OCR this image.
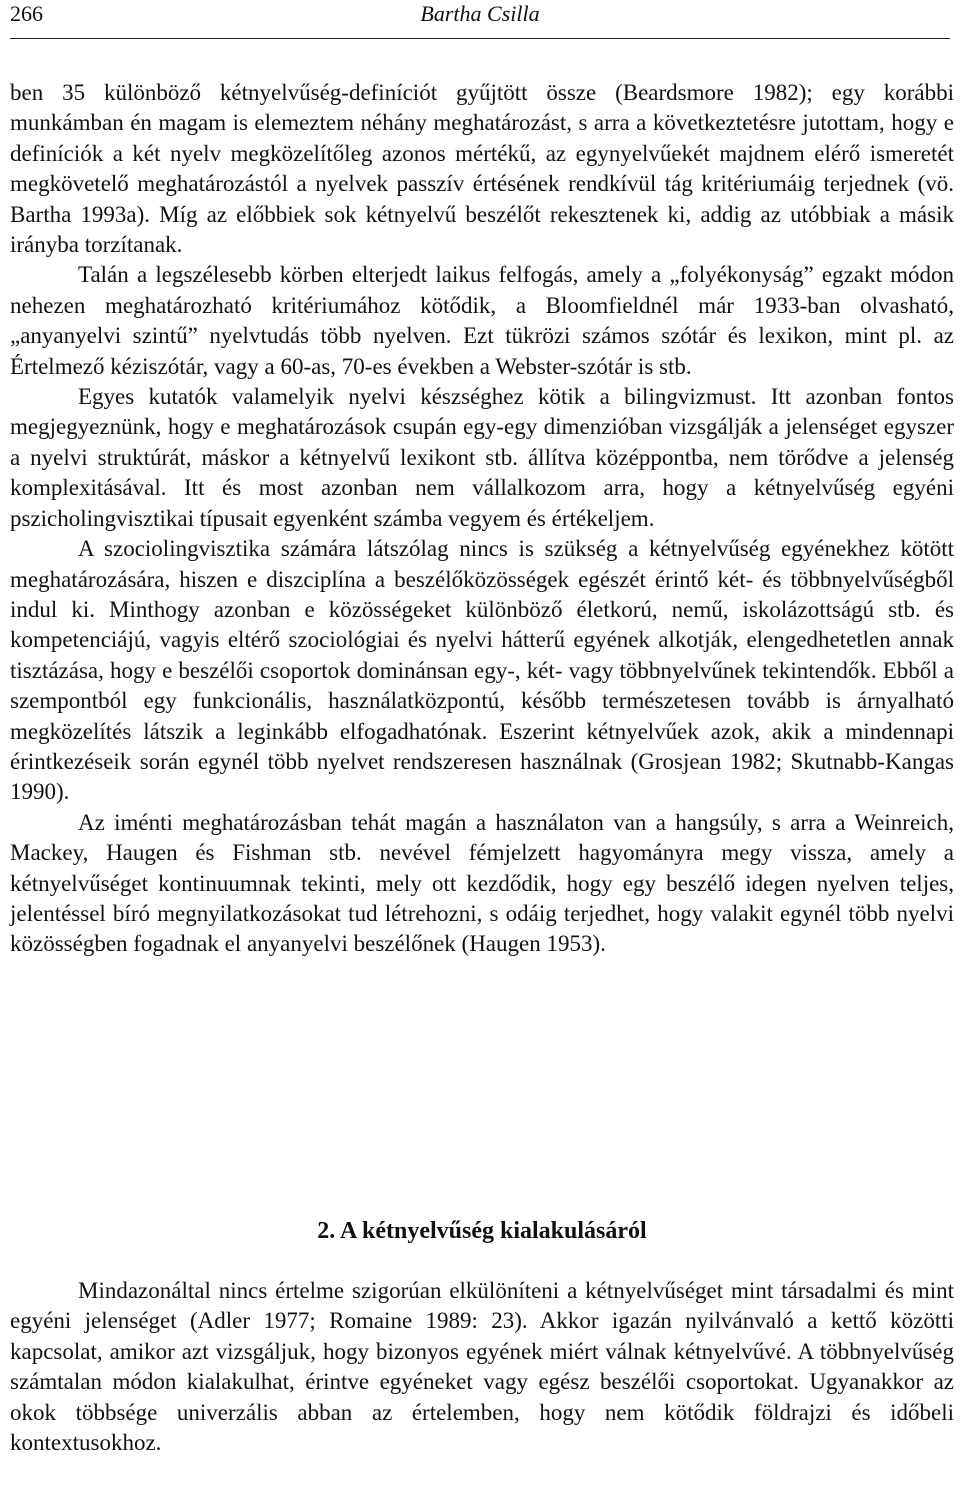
266	Bartha Csilla

ben 35 különböző kétnyelvűség-definíciót gyűjtött össze (Beardsmore 1982); egy korábbi munkámban én magam is elemeztem néhány meghatározást, s arra a következtetésre jutottam, hogy e definíciók a két nyelv megközelítőleg azonos mértékű, az egynyelvűekét majdnem elérő ismeretét megkövetelő meghatározástól a nyelvek passzív értésének rendkívül tág kritériumáig terjednek (vö. Bartha 1993a). Míg az előbbiek sok kétnyelvű beszélőt rekesztenek ki, addig az utóbbiak a másik irányba torzítanak.

Talán a legszélesebb körben elterjedt laikus felfogás, amely a „folyékonyság” egzakt módon nehezen meghatározható kritériumához kötődik, a Bloomfieldnél már 1933-ban olvasható, „anyanyelvi szintű” nyelvtudás több nyelven. Ezt tükrözi számos szótár és lexikon, mint pl. az Értelmező kéziszótár, vagy a 60-as, 70-es években a Webster-szótár is stb.

Egyes kutatók valamelyik nyelvi készséghez kötik a bilingvizmust. Itt azonban fontos megjegyeznünk, hogy e meghatározások csupán egy-egy dimenzióban vizsgálják a jelenséget egyszer a nyelvi struktúrát, máskor a kétnyelvű lexikont stb. állítva középpontba, nem törődve a jelenség komplexitásával. Itt és most azonban nem vállalkozom arra, hogy a kétnyelvűség egyéni pszicholingvisztikai típusait egyenként számba vegyem és értékeljem.

A szociolingvisztika számára látszólag nincs is szükség a kétnyelvűség egyénekhez kötött meghatározására, hiszen e diszciplína a beszélőközösségek egészét érintő két- és többnyelvűségből indul ki. Minthogy azonban e közösségeket különböző életkorú, nemű, iskolázottságú stb. és kompetenciájú, vagyis eltérő szociológiai és nyelvi hátterű egyének alkotják, elengedhetetlen annak tisztázása, hogy e beszélői csoportok dominánsan egy-, két- vagy többnyelvűnek tekintendők. Ebből a szempontból egy funkcionális, használatközpontú, később természetesen tovább is árnyalható megközelítés látszik a leginkább elfogadhatónak. Eszerint kétnyelvűek azok, akik a mindennapi érintkezéseik során egynél több nyelvet rendszeresen használnak (Grosjean 1982; Skutnabb-Kangas 1990).

Az iménti meghatározásban tehát magán a használaton van a hangsúly, s arra a Weinreich, Mackey, Haugen és Fishman stb. nevével fémjelzett hagyományra megy vissza, amely a kétnyelvűséget kontinuumnak tekinti, mely ott kezdődik, hogy egy beszélő idegen nyelven teljes, jelentéssel bíró megnyilatkozásokat tud létrehozni, s odáig terjedhet, hogy valakit egynél több nyelvi közösségben fogadnak el anyanyelvi beszélőnek (Haugen 1953).

2. A kétnyelvűség kialakulásáról

Mindazonáltal nincs értelme szigorúan elkülöníteni a kétnyelvűséget mint társadalmi és mint egyéni jelenséget (Adler 1977; Romaine 1989: 23). Akkor igazán nyilvánvaló a kettő közötti kapcsolat, amikor azt vizsgáljuk, hogy bizonyos egyének miért válnak kétnyelvűvé. A többnyelvűség számtalan módon kialakulhat, érintve egyéneket vagy egész beszélői csoportokat. Ugyanakkor az okok többsége univerzális abban az értelemben, hogy nem kötődik földrajzi és időbeli kontextusokhoz.
